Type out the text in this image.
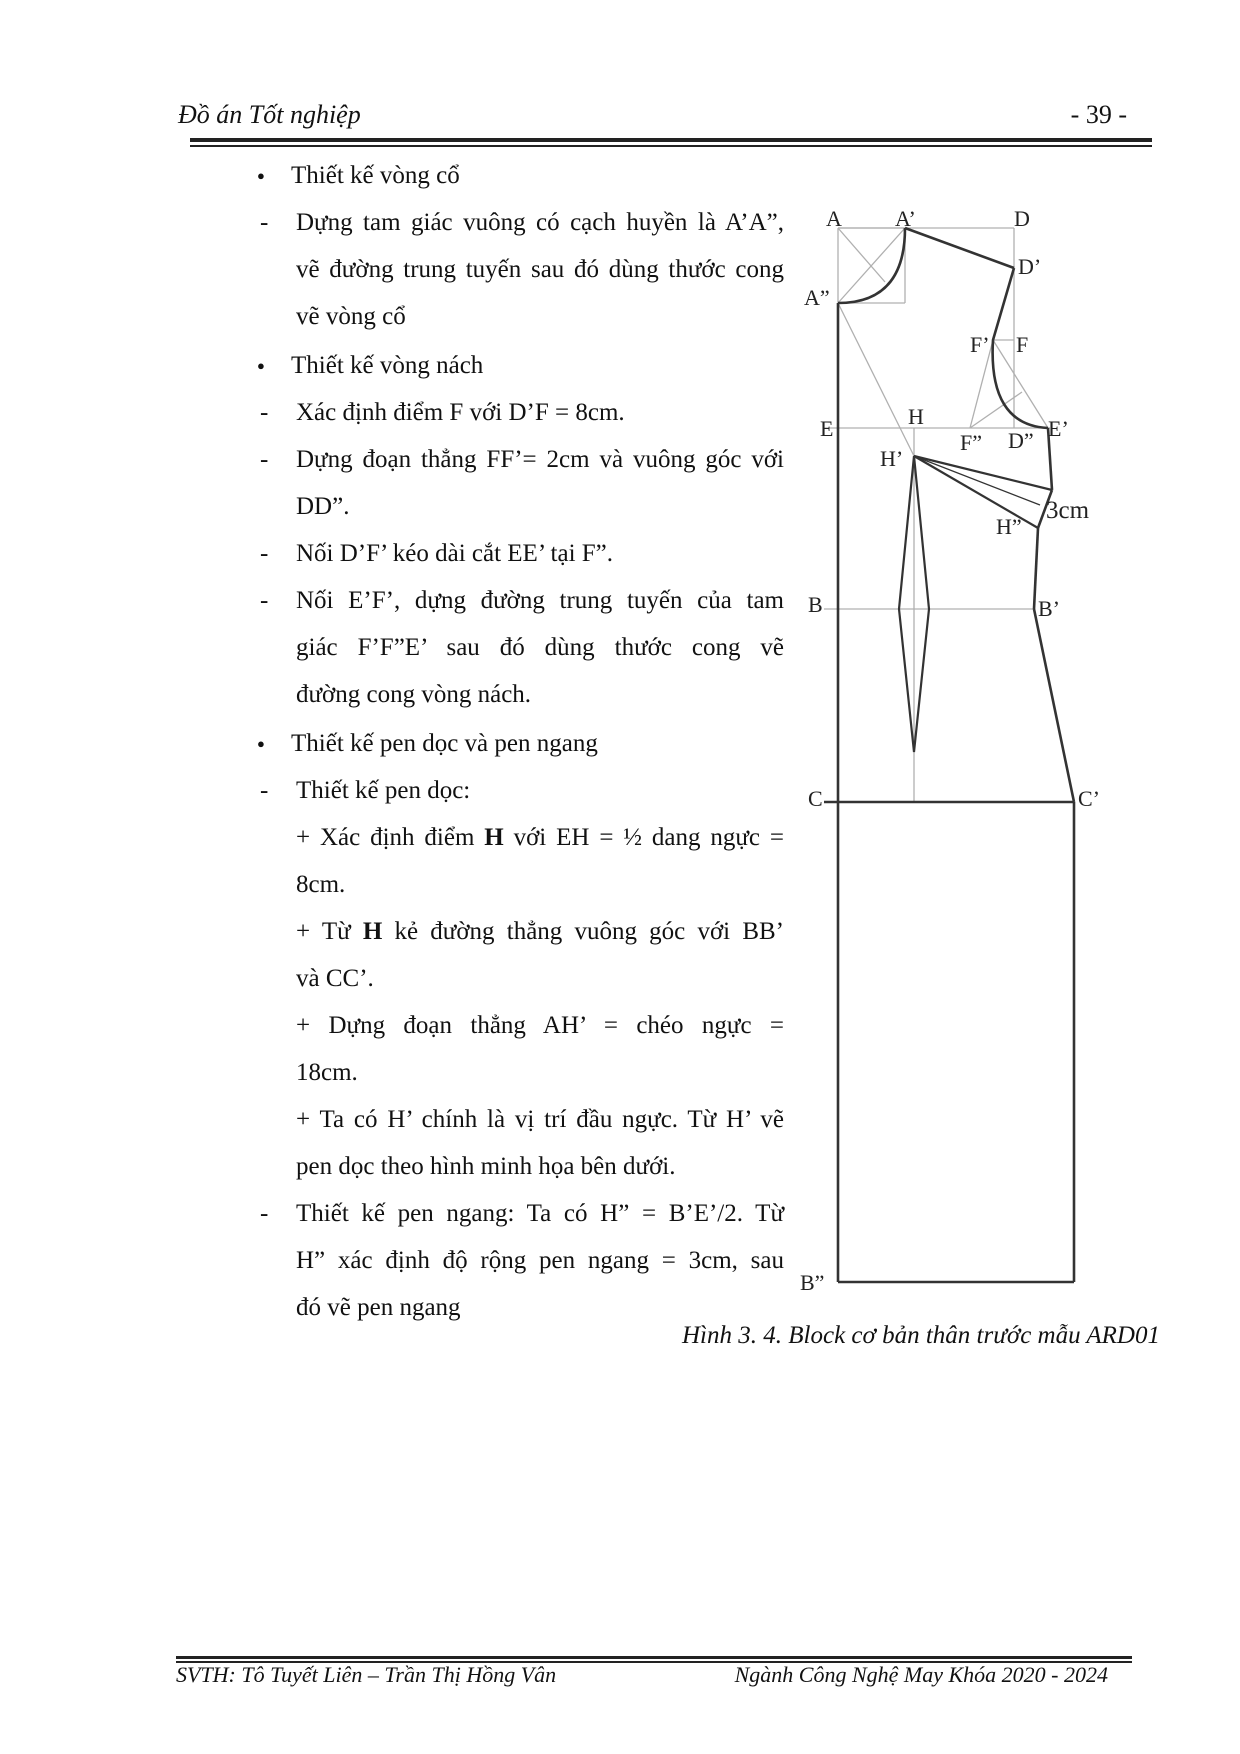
Đồ án Tốt nghiệp	- 39 -
● Thiết kế vòng cổ
- Dựng tam giác vuông có cạch huyền là A’A”,
vẽ đường trung tuyến sau đó dùng thước cong
vẽ vòng cổ
● Thiết kế vòng nách
- Xác định điểm F với D’F = 8cm.
- Dựng đoạn thẳng FF’= 2cm và vuông góc với
DD”.
- Nối D’F’ kéo dài cắt EE’ tại F”.
- Nối E’F’, dựng đường trung tuyến của tam
giác F’F”E’ sau đó dùng thước cong vẽ
đường cong vòng nách.
● Thiết kế pen dọc và pen ngang
- Thiết kế pen dọc:
+ Xác định điểm H với EH = ½ dang ngực =
8cm.
+ Từ H kẻ đường thẳng vuông góc với BB’
và CC’.
+ Dựng đoạn thẳng AH’ = chéo ngực =
18cm.
+ Ta có H’ chính là vị trí đầu ngực. Từ H’ vẽ
pen dọc theo hình minh họa bên dưới.
- Thiết kế pen ngang: Ta có H” = B’E’/2. Từ
H” xác định độ rộng pen ngang = 3cm, sau
đó vẽ pen ngang
A A’	D
D’
A”
F’ F
E	H
F” D” E’
H’
3cm
H”
B	B’
C	C’
B”
Hình 3. 4. Block cơ bản thân trước mẫu ARD01
SVTH: Tô Tuyết Liên – Trần Thị Hồng Vân	Ngành Công Nghệ May Khóa 2020 - 2024
